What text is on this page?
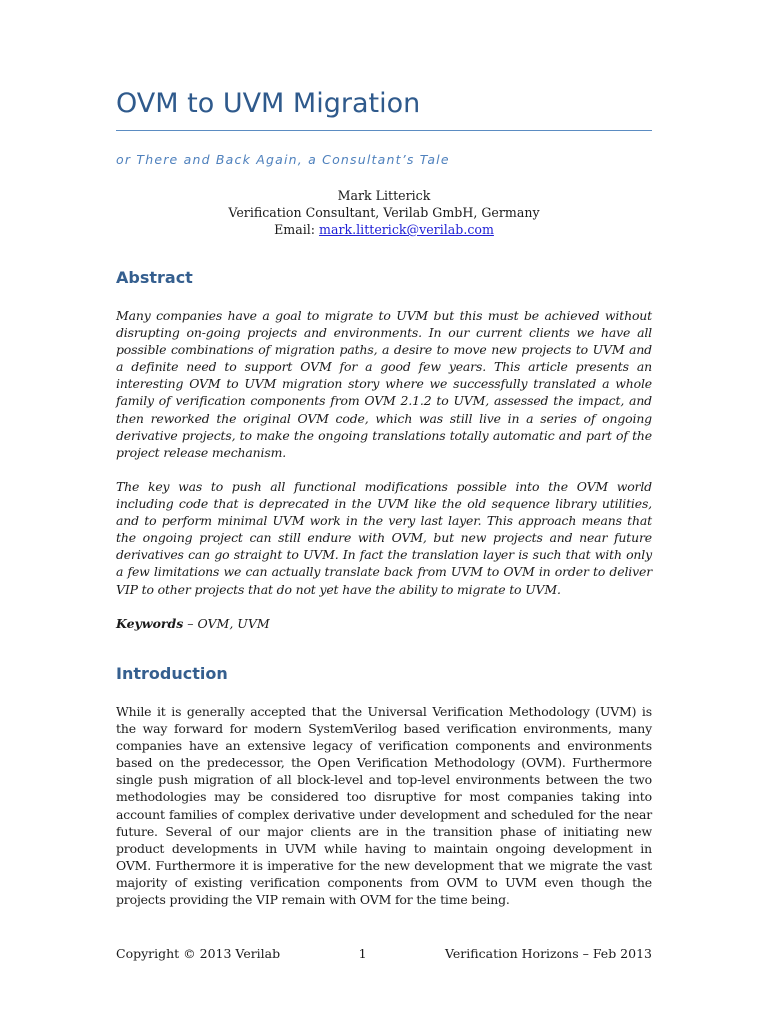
OVM to UVM Migration
or There and Back Again, a Consultant’s Tale
Mark Litterick
Verification Consultant, Verilab GmbH, Germany
Email: mark.litterick@verilab.com
Abstract

Many companies have a goal to migrate to UVM but this must be achieved without disrupting on-going projects and environments. In our current clients we have all possible combinations of migration paths, a desire to move new projects to UVM and a definite need to support OVM for a good few years. This article presents an interesting OVM to UVM migration story where we successfully translated a whole family of verification components from OVM 2.1.2 to UVM, assessed the impact, and then reworked the original OVM code, which was still live in a series of ongoing derivative projects, to make the ongoing translations totally automatic and part of the project release mechanism.

The key was to push all functional modifications possible into the OVM world including code that is deprecated in the UVM like the old sequence library utilities, and to perform minimal UVM work in the very last layer. This approach means that the ongoing project can still endure with OVM, but new projects and near future derivatives can go straight to UVM. In fact the translation layer is such that with only a few limitations we can actually translate back from UVM to OVM in order to deliver VIP to other projects that do not yet have the ability to migrate to UVM.

Keywords – OVM, UVM
Introduction

While it is generally accepted that the Universal Verification Methodology (UVM) is the way forward for modern SystemVerilog based verification environments, many companies have an extensive legacy of verification components and environments based on the predecessor, the Open Verification Methodology (OVM). Furthermore single push migration of all block-level and top-level environments between the two methodologies may be considered too disruptive for most companies taking into account families of complex derivative under development and scheduled for the near future. Several of our major clients are in the transition phase of initiating new product developments in UVM while having to maintain ongoing development in OVM. Furthermore it is imperative for the new development that we migrate the vast majority of existing verification components from OVM to UVM even though the projects providing the VIP remain with OVM for the time being.

Copyright © 2013 Verilab	1	Verification Horizons – Feb 2013
